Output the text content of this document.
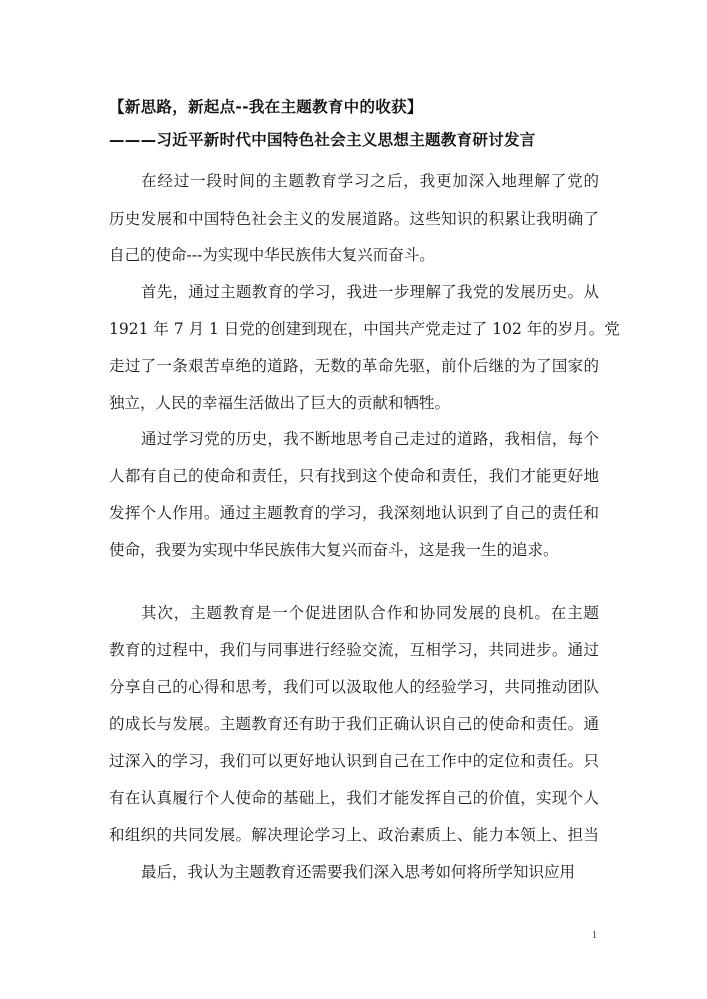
【新思路，新起点--我在主题教育中的收获】
———习近平新时代中国特色社会主义思想主题教育研讨发言
在经过一段时间的主题教育学习之后，我更加深入地理解了党的
历史发展和中国特色社会主义的发展道路。这些知识的积累让我明确了
自己的使命---为实现中华民族伟大复兴而奋斗。
首先，通过主题教育的学习，我进一步理解了我党的发展历史。从
1921 年 7 月 1 日党的创建到现在，中国共产党走过了 102 年的岁月。党
走过了一条艰苦卓绝的道路，无数的革命先驱，前仆后继的为了国家的
独立，人民的幸福生活做出了巨大的贡献和牺牲。
通过学习党的历史，我不断地思考自己走过的道路，我相信，每个
人都有自己的使命和责任，只有找到这个使命和责任，我们才能更好地
发挥个人作用。通过主题教育的学习，我深刻地认识到了自己的责任和
使命，我要为实现中华民族伟大复兴而奋斗，这是我一生的追求。
其次，主题教育是一个促进团队合作和协同发展的良机。在主题
教育的过程中，我们与同事进行经验交流，互相学习，共同进步。通过
分享自己的心得和思考，我们可以汲取他人的经验学习，共同推动团队
的成长与发展。主题教育还有助于我们正确认识自己的使命和责任。通
过深入的学习，我们可以更好地认识到自己在工作中的定位和责任。只
有在认真履行个人使命的基础上，我们才能发挥自己的价值，实现个人
和组织的共同发展。解决理论学习上、政治素质上、能力本领上、担当
最后，我认为主题教育还需要我们深入思考如何将所学知识应用
1
